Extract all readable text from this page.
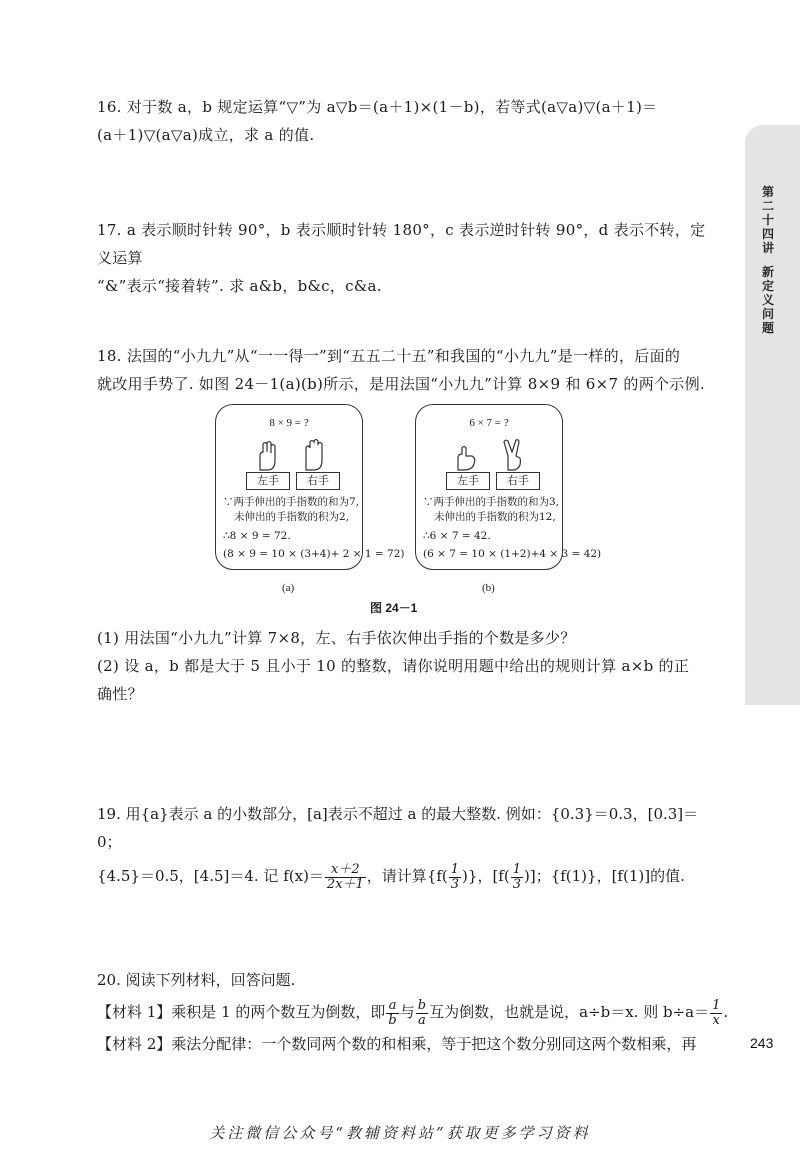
第二十四讲
新定义问题
16. 对于数 a，b 规定运算“▽”为 a▽b＝(a＋1)×(1－b)，若等式(a▽a)▽(a＋1)＝
(a＋1)▽(a▽a)成立，求 a 的值.
17. a 表示顺时针转 90°，b 表示顺时针转 180°，c 表示逆时针转 90°，d 表示不转，定义运算
“&”表示“接着转”. 求 a&b，b&c，c&a.
18. 法国的“小九九”从“一一得一”到“五五二十五”和我国的“小九九”是一样的，后面的
就改用手势了. 如图 24－1(a)(b)所示，是用法国“小九九”计算 8×9 和 6×7 的两个示例.
8 × 9 = ?
左手	右手
∵两手伸出的手指数的和为7,
未伸出的手指数的积为2,
∴8 × 9 = 72.
(8 × 9 = 10 × (3+4)+ 2 × 1 = 72)
(a)
6 × 7 = ?
左手	右手
∵两手伸出的手指数的和为3,
未伸出的手指数的积为12,
∴6 × 7 = 42.
(6 × 7 = 10 × (1+2)+4 × 3 = 42)
(b)
图 24－1
(1) 用法国“小九九”计算 7×8，左、右手依次伸出手指的个数是多少？
(2) 设 a，b 都是大于 5 且小于 10 的整数，请你说明用题中给出的规则计算 a×b 的正
确性？
19. 用{a}表示 a 的小数部分，[a]表示不超过 a 的最大整数. 例如：{0.3}＝0.3，[0.3]＝0；
{4.5}＝0.5，[4.5]＝4. 记 $f(x)= \frac{x+2}{2x+1}$ ，请计算{$f( \frac{1}{3}$ )}，[$f( \frac{1}{3}$ )]；{f(1)}，[f(1)]的值.
20. 阅读下列材料，回答问题.
【材料 1】乘积是 1 的两个数互为倒数，即 $\frac{a}{b}$ 与 $\frac{b}{a}$ 互为倒数，也就是说，a÷b＝x. 则 $b\div a= \frac{1}{x}$ .
【材料 2】乘法分配律：一个数同两个数的和相乘，等于把这个数分别同这两个数相乘，再	243
关注微信公众号“教辅资料站”获取更多学习资料
